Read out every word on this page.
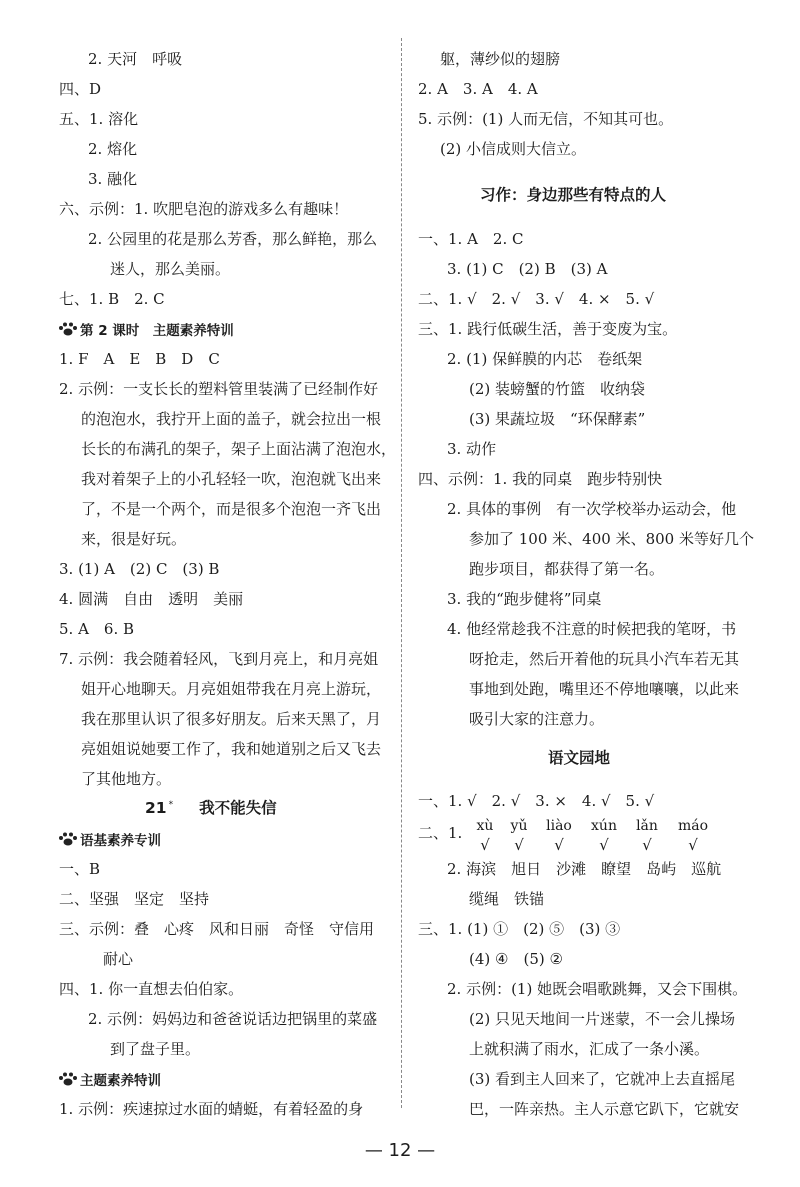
2. 天河　呼吸
四、D
五、1. 溶化
2. 熔化
3. 融化
六、示例：1. 吹肥皂泡的游戏多么有趣味！
2. 公园里的花是那么芳香，那么鲜艳，那么
迷人，那么美丽。
七、1. B　2. C
第 2 课时　主题素养特训
1. F　A　E　B　D　C
2. 示例：一支长长的塑料管里装满了已经制作好
的泡泡水，我拧开上面的盖子，就会拉出一根
长长的布满孔的架子，架子上面沾满了泡泡水，
我对着架子上的小孔轻轻一吹，泡泡就飞出来
了，不是一个两个，而是很多个泡泡一齐飞出
来，很是好玩。
3. (1) A　(2) C　(3) B
4. 圆满　自由　透明　美丽
5. A　6. B
7. 示例：我会随着轻风，飞到月亮上，和月亮姐
姐开心地聊天。月亮姐姐带我在月亮上游玩，
我在那里认识了很多好朋友。后来天黑了，月
亮姐姐说她要工作了，我和她道别之后又飞去
了其他地方。
21 * 我不能失信
语基素养专训
一、B
二、坚强　坚定　坚持
三、示例：叠　心疼　风和日丽　奇怪　守信用
耐心
四、1. 你一直想去伯伯家。
2. 示例：妈妈边和爸爸说话边把锅里的菜盛
到了盘子里。
主题素养特训
1. 示例：疾速掠过水面的蜻蜓，有着轻盈的身
躯，薄纱似的翅膀
2. A　3. A　4. A
5. 示例：(1) 人而无信，不知其可也。
(2) 小信成则大信立。
习作：身边那些有特点的人
一、1. A　2. C
3. (1) C　(2) B　(3) A
二、1. √　2. √　3. √　4. ×　5. √
三、1. 践行低碳生活，善于变废为宝。
2. (1) 保鲜膜的内芯　卷纸架
(2) 装螃蟹的竹篮　收纳袋
(3) 果蔬垃圾　“环保酵素”
3. 动作
四、示例：1. 我的同桌　跑步特别快
2. 具体的事例　有一次学校举办运动会，他
参加了 100 米、400 米、800 米等好几个
跑步项目，都获得了第一名。
3. 我的“跑步健将”同桌
4. 他经常趁我不注意的时候把我的笔呀，书
呀抢走，然后开着他的玩具小汽车若无其
事地到处跑，嘴里还不停地嚷嚷，以此来
吸引大家的注意力。
语文园地
一、1. √　2. √　3. ×　4. √　5. √
二、1.	xù yǔ liào xún lǎn máo
√ √ √ √ √ √
2. 海滨　旭日　沙滩　瞭望　岛屿　巡航
缆绳　铁锚
三、1. (1) ①　(2) ⑤　(3) ③
(4) ④　(5) ②
2. 示例：(1) 她既会唱歌跳舞，又会下围棋。
(2) 只见天地间一片迷蒙，不一会儿操场
上就积满了雨水，汇成了一条小溪。
(3) 看到主人回来了，它就冲上去直摇尾
巴，一阵亲热。主人示意它趴下，它就安
— 12 —
